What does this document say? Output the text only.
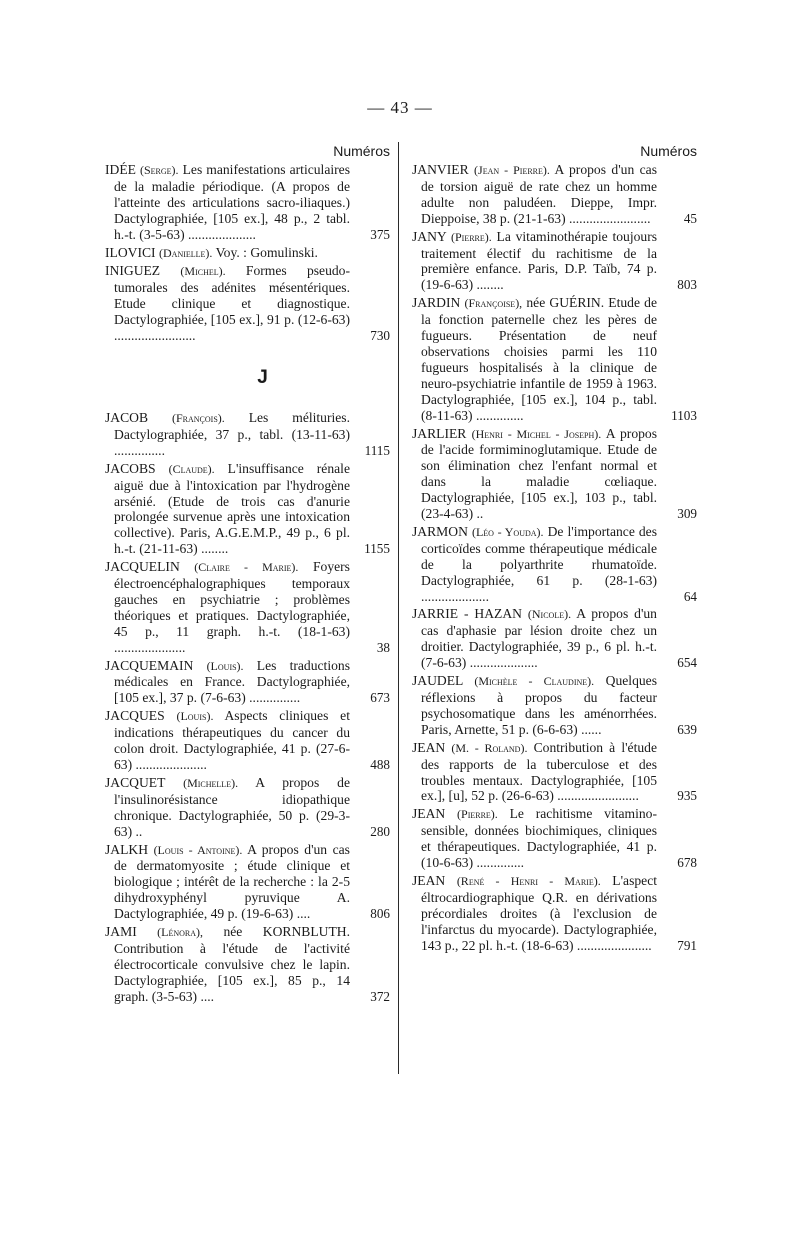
— 43 —
Numéros
IDÉE (Serge). Les manifestations articulaires de la maladie périodique. (A propos de l'atteinte des articulations sacro-iliaques.) Dactylographiée, [105 ex.], 48 p., 2 tabl. h.-t. (3-5-63) ....................	375
ILOVICI (Danielle). Voy. : Gomulinski.
INIGUEZ (Michel). Formes pseudo-tumorales des adénites mésentériques. Etude clinique et diagnostique. Dactylographiée, [105 ex.], 91 p. (12-6-63) ........................	730
J
JACOB (François). Les mélituries. Dactylographiée, 37 p., tabl. (13-11-63) ...............	1115
JACOBS (Claude). L'insuffisance rénale aiguë due à l'intoxication par l'hydrogène arsénié. (Etude de trois cas d'anurie prolongée survenue après une intoxication collective). Paris, A.G.E.M.P., 49 p., 6 pl. h.-t. (21-11-63) ........	1155
JACQUELIN (Claire - Marie). Foyers électroencéphalographiques temporaux gauches en psychiatrie ; problèmes théoriques et pratiques. Dactylographiée, 45 p., 11 graph. h.-t. (18-1-63) .....................	38
JACQUEMAIN (Louis). Les traductions médicales en France. Dactylographiée, [105 ex.], 37 p. (7-6-63) ...............	673
JACQUES (Louis). Aspects cliniques et indications thérapeutiques du cancer du colon droit. Dactylographiée, 41 p. (27-6-63) .....................	488
JACQUET (Michelle). A propos de l'insulinorésistance idiopathique chronique. Dactylographiée, 50 p. (29-3-63) ..	280
JALKH (Louis - Antoine). A propos d'un cas de dermatomyosite ; étude clinique et biologique ; intérêt de la recherche : la 2-5 dihydroxyphényl pyruvique A. Dactylographiée, 49 p. (19-6-63) ....	806
JAMI (Lénora), née KORNBLUTH. Contribution à l'étude de l'activité électrocorticale convulsive chez le lapin. Dactylographiée, [105 ex.], 85 p., 14 graph. (3-5-63) ....	372
Numéros
JANVIER (Jean - Pierre). A propos d'un cas de torsion aiguë de rate chez un homme adulte non paludéen. Dieppe, Impr. Dieppoise, 38 p. (21-1-63) ........................	45
JANY (Pierre). La vitaminothérapie toujours traitement électif du rachitisme de la première enfance. Paris, D.P. Taïb, 74 p. (19-6-63) ........	803
JARDIN (Françoise), née GUÉRIN. Etude de la fonction paternelle chez les pères de fugueurs. Présentation de neuf observations choisies parmi les 110 fugueurs hospitalisés à la clinique de neuro-psychiatrie infantile de 1959 à 1963. Dactylographiée, [105 ex.], 104 p., tabl. (8-11-63) ..............	1103
JARLIER (Henri - Michel - Joseph). A propos de l'acide formiminoglutamique. Etude de son élimination chez l'enfant normal et dans la maladie cœliaque. Dactylographiée, [105 ex.], 103 p., tabl. (23-4-63) ..	309
JARMON (Léo - Youda). De l'importance des corticoïdes comme thérapeutique médicale de la polyarthrite rhumatoïde. Dactylographiée, 61 p. (28-1-63) ....................	64
JARRIE - HAZAN (Nicole). A propos d'un cas d'aphasie par lésion droite chez un droitier. Dactylographiée, 39 p., 6 pl. h.-t. (7-6-63) ....................	654
JAUDEL (Michèle - Claudine). Quelques réflexions à propos du facteur psychosomatique dans les aménorrhées. Paris, Arnette, 51 p. (6-6-63) ......	639
JEAN (M. - Roland). Contribution à l'étude des rapports de la tuberculose et des troubles mentaux. Dactylographiée, [105 ex.], [u], 52 p. (26-6-63) ........................	935
JEAN (Pierre). Le rachitisme vitamino-sensible, données biochimiques, cliniques et thérapeutiques. Dactylographiée, 41 p. (10-6-63) ..............	678
JEAN (René - Henri - Marie). L'aspect éltrocardiographique Q.R. en dérivations précordiales droites (à l'exclusion de l'infarctus du myocarde). Dactylographiée, 143 p., 22 pl. h.-t. (18-6-63) ...................... 791
